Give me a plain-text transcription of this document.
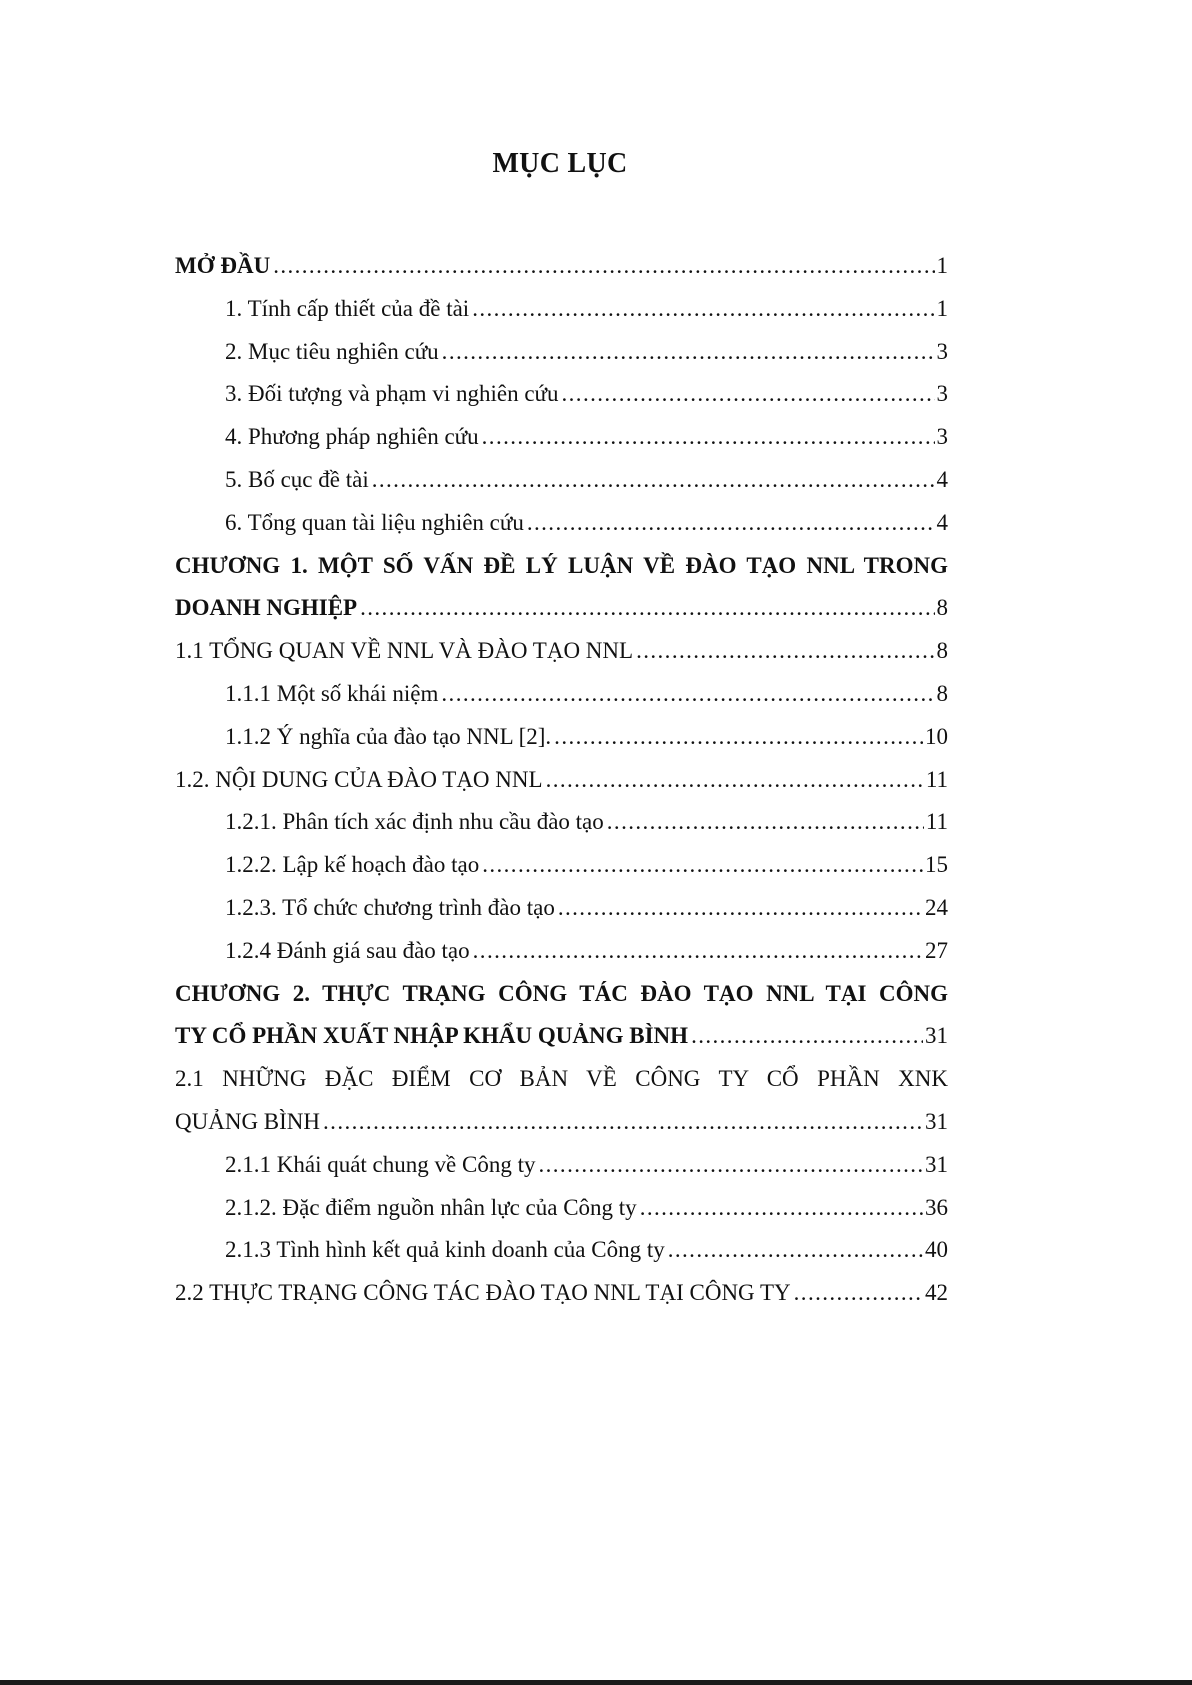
MỤC LỤC
MỞ ĐẦU .....	1
1. Tính cấp thiết của đề tài .....	1
2. Mục tiêu nghiên cứu .....	3
3. Đối tượng và phạm vi nghiên cứu .....	3
4. Phương pháp nghiên cứu .....	3
5. Bố cục đề tài .....	4
6. Tổng quan tài liệu nghiên cứu .....	4
CHƯƠNG 1. MỘT SỐ VẤN ĐỀ LÝ LUẬN VỀ ĐÀO TẠO NNL TRONG
DOANH NGHIỆP .....	8
1.1 TỔNG QUAN VỀ NNL VÀ ĐÀO TẠO NNL .....	8
1.1.1 Một số khái niệm .....	8
1.1.2 Ý nghĩa của đào tạo NNL [2]. .....	10
1.2. NỘI DUNG CỦA ĐÀO TẠO NNL .....	11
1.2.1. Phân tích xác định nhu cầu đào tạo .....	11
1.2.2. Lập kế hoạch đào tạo .....	15
1.2.3. Tổ chức chương trình đào tạo .....	24
1.2.4 Đánh giá sau đào tạo .....	27
CHƯƠNG 2. THỰC TRẠNG CÔNG TÁC ĐÀO TẠO NNL TẠI CÔNG
TY CỔ PHẦN XUẤT NHẬP KHẨU QUẢNG BÌNH .....	31
2.1 NHỮNG ĐẶC ĐIỂM CƠ BẢN VỀ CÔNG TY CỔ PHẦN XNK
QUẢNG BÌNH .....	31
2.1.1 Khái quát chung về Công ty .....	31
2.1.2. Đặc điểm nguồn nhân lực của Công ty .....	36
2.1.3 Tình hình kết quả kinh doanh của Công ty .....	40
2.2 THỰC TRẠNG CÔNG TÁC ĐÀO TẠO NNL TẠI CÔNG TY .....	42
